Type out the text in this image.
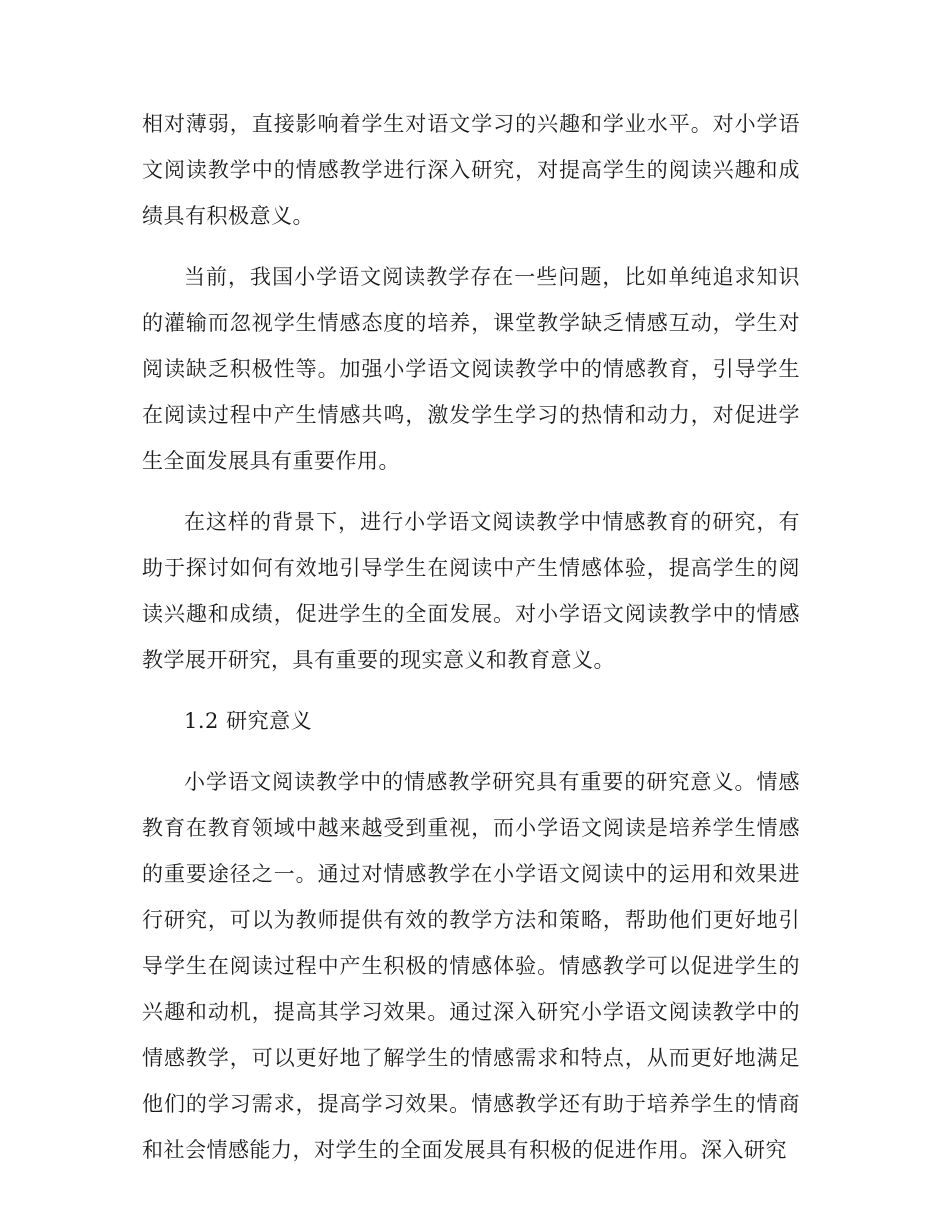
相对薄弱，直接影响着学生对语文学习的兴趣和学业水平。对小学语文阅读教学中的情感教学进行深入研究，对提高学生的阅读兴趣和成绩具有积极意义。

当前，我国小学语文阅读教学存在一些问题，比如单纯追求知识的灌输而忽视学生情感态度的培养，课堂教学缺乏情感互动，学生对阅读缺乏积极性等。加强小学语文阅读教学中的情感教育，引导学生在阅读过程中产生情感共鸣，激发学生学习的热情和动力，对促进学生全面发展具有重要作用。

在这样的背景下，进行小学语文阅读教学中情感教育的研究，有助于探讨如何有效地引导学生在阅读中产生情感体验，提高学生的阅读兴趣和成绩，促进学生的全面发展。对小学语文阅读教学中的情感教学展开研究，具有重要的现实意义和教育意义。

1.2 研究意义

小学语文阅读教学中的情感教学研究具有重要的研究意义。情感教育在教育领域中越来越受到重视，而小学语文阅读是培养学生情感的重要途径之一。通过对情感教学在小学语文阅读中的运用和效果进行研究，可以为教师提供有效的教学方法和策略，帮助他们更好地引导学生在阅读过程中产生积极的情感体验。情感教学可以促进学生的兴趣和动机，提高其学习效果。通过深入研究小学语文阅读教学中的情感教学，可以更好地了解学生的情感需求和特点，从而更好地满足他们的学习需求，提高学习效果。情感教学还有助于培养学生的情商和社会情感能力，对学生的全面发展具有积极的促进作用。深入研究
